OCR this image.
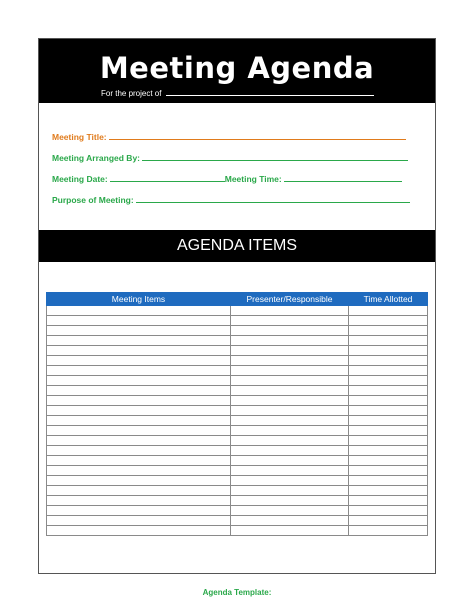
Meeting Agenda
For the project of
Meeting Title:
Meeting Arranged By:
Meeting Date:	Meeting Time:
Purpose of Meeting:
AGENDA ITEMS
Meeting Items	Presenter/Responsible	Time Allotted

Agenda Template:
